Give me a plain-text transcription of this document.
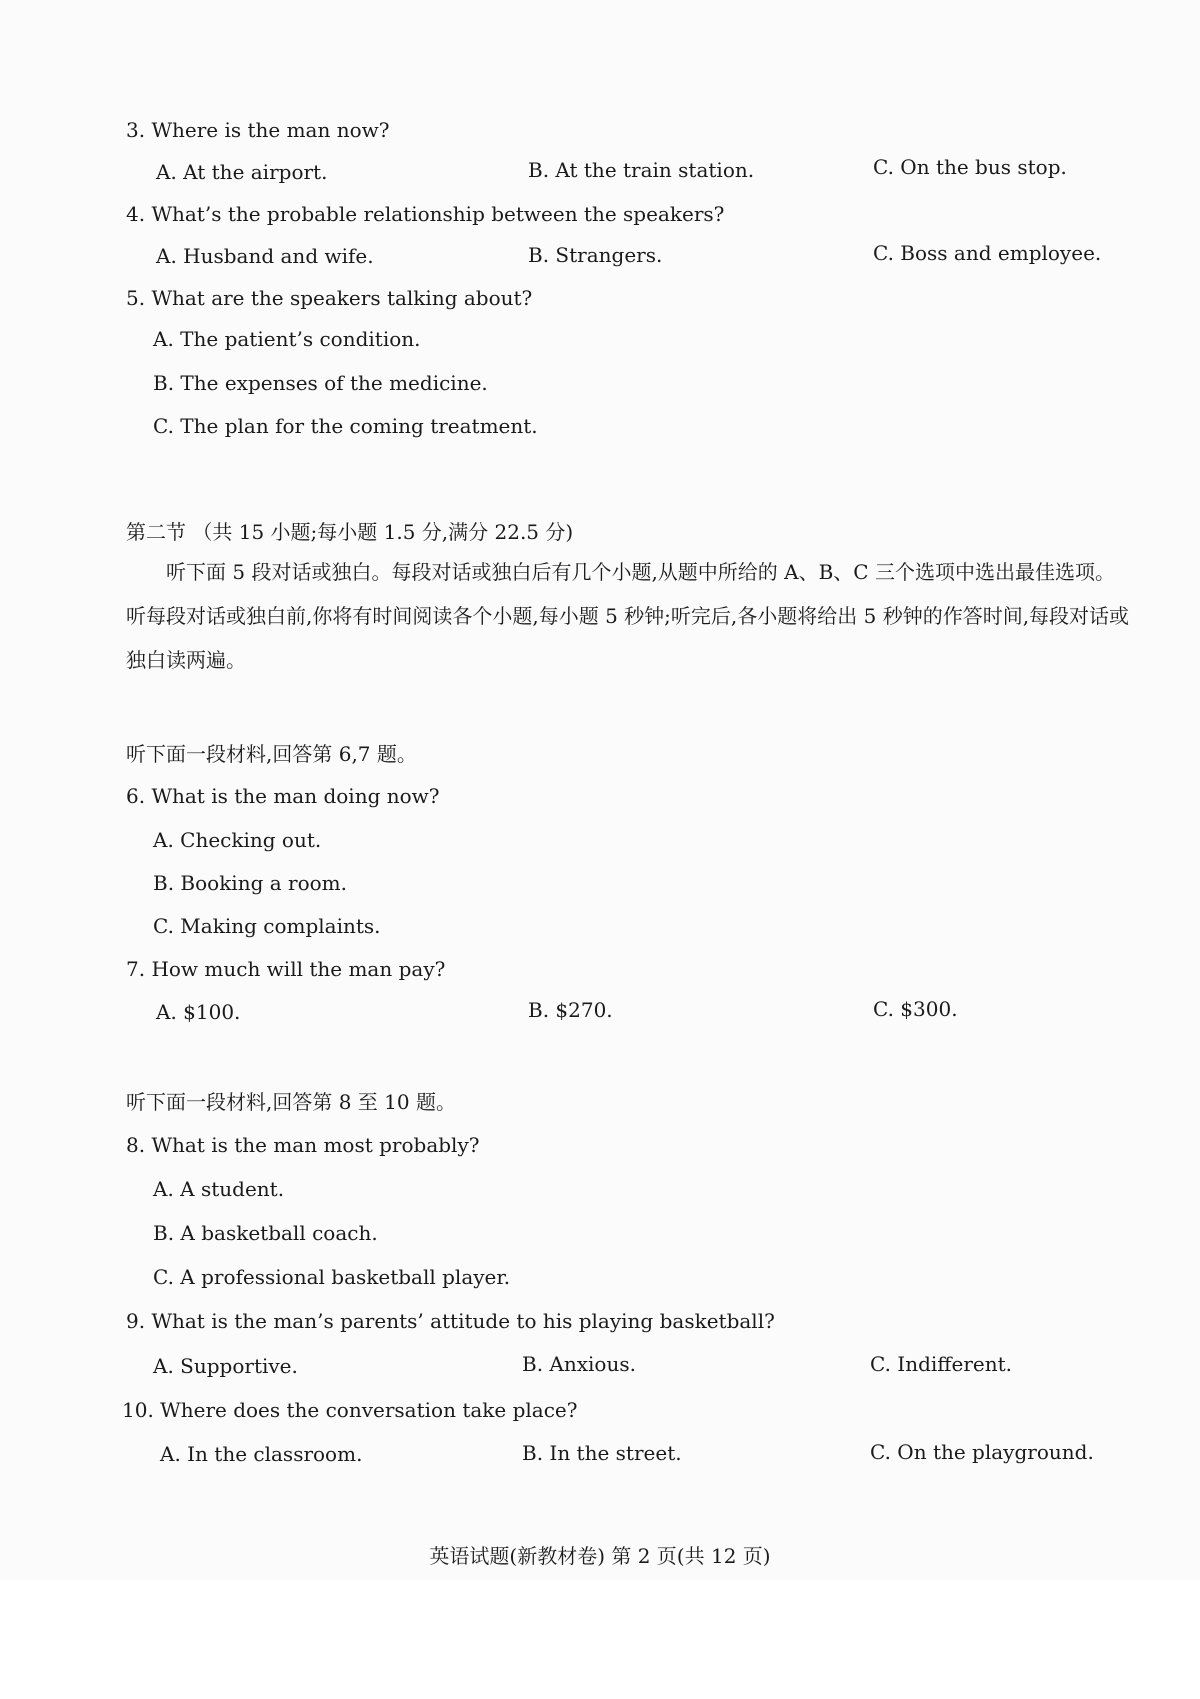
3. Where is the man now?
A. At the airport.	B. At the train station.	C. On the bus stop.
4. What’s the probable relationship between the speakers?
A. Husband and wife.	B. Strangers.	C. Boss and employee.
5. What are the speakers talking about?
A. The patient’s condition.
B. The expenses of the medicine.
C. The plan for the coming treatment.
第二节 （共 15 小题;每小题 1.5 分,满分 22.5 分)
听下面 5 段对话或独白。每段对话或独白后有几个小题,从题中所给的 A、B、C 三个选项中选出最佳选项。听每段对话或独白前,你将有时间阅读各个小题,每小题 5 秒钟;听完后,各小题将给出 5 秒钟的作答时间,每段对话或独白读两遍。
听下面一段材料,回答第 6,7 题。
6. What is the man doing now?
A. Checking out.
B. Booking a room.
C. Making complaints.
7. How much will the man pay?
A. $100.	B. $270.	C. $300.
听下面一段材料,回答第 8 至 10 题。
8. What is the man most probably?
A. A student.
B. A basketball coach.
C. A professional basketball player.
9. What is the man’s parents’ attitude to his playing basketball?
A. Supportive.	B. Anxious.	C. Indifferent.
10. Where does the conversation take place?
A. In the classroom.	B. In the street.	C. On the playground.
英语试题(新教材卷) 第 2 页(共 12 页)
